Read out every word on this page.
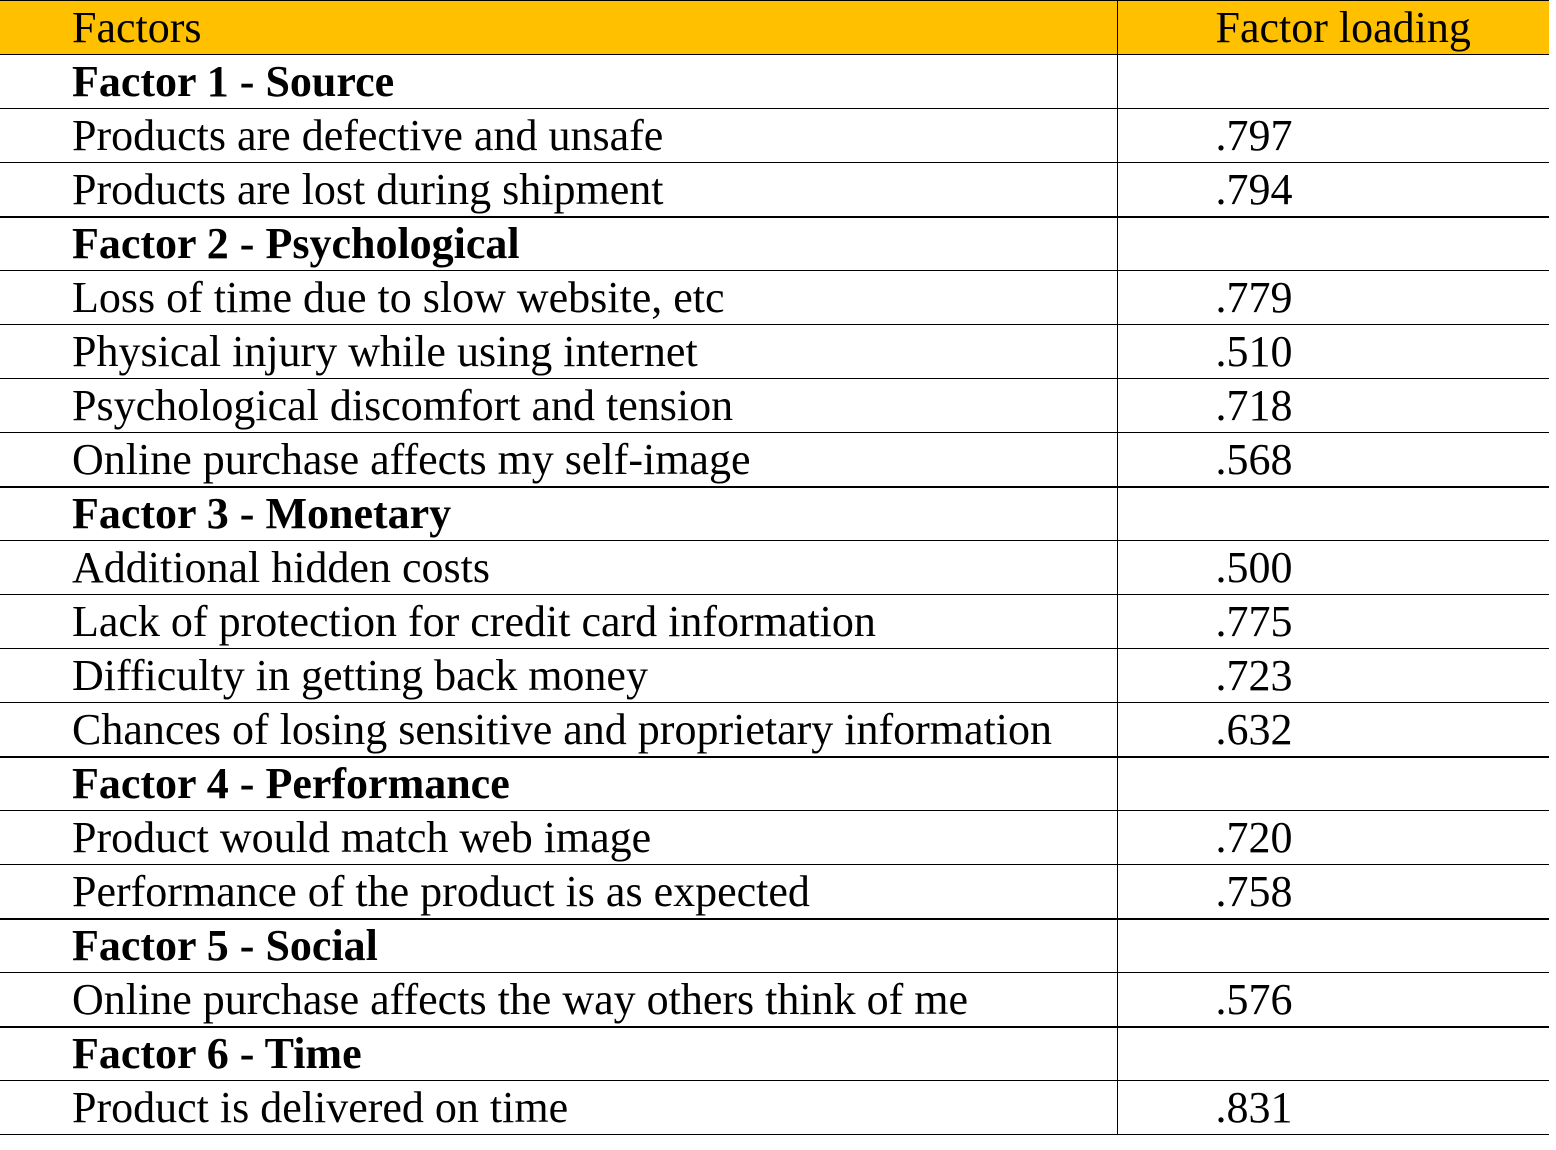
Factors	Factor loading
Factor 1 - Source	
Products are defective and unsafe	.797
Products are lost during shipment	.794
Factor 2 - Psychological	
Loss of time due to slow website, etc	.779
Physical injury while using internet	.510
Psychological discomfort and tension	.718
Online purchase affects my self-image	.568
Factor 3 - Monetary	
Additional hidden costs	.500
Lack of protection for credit card information	.775
Difficulty in getting back money	.723
Chances of losing sensitive and proprietary information	.632
Factor 4 - Performance	
Product would match web image	.720
Performance of the product is as expected	.758
Factor 5 - Social	
Online purchase affects the way others think of me	.576
Factor 6 - Time	
Product is delivered on time	.831
